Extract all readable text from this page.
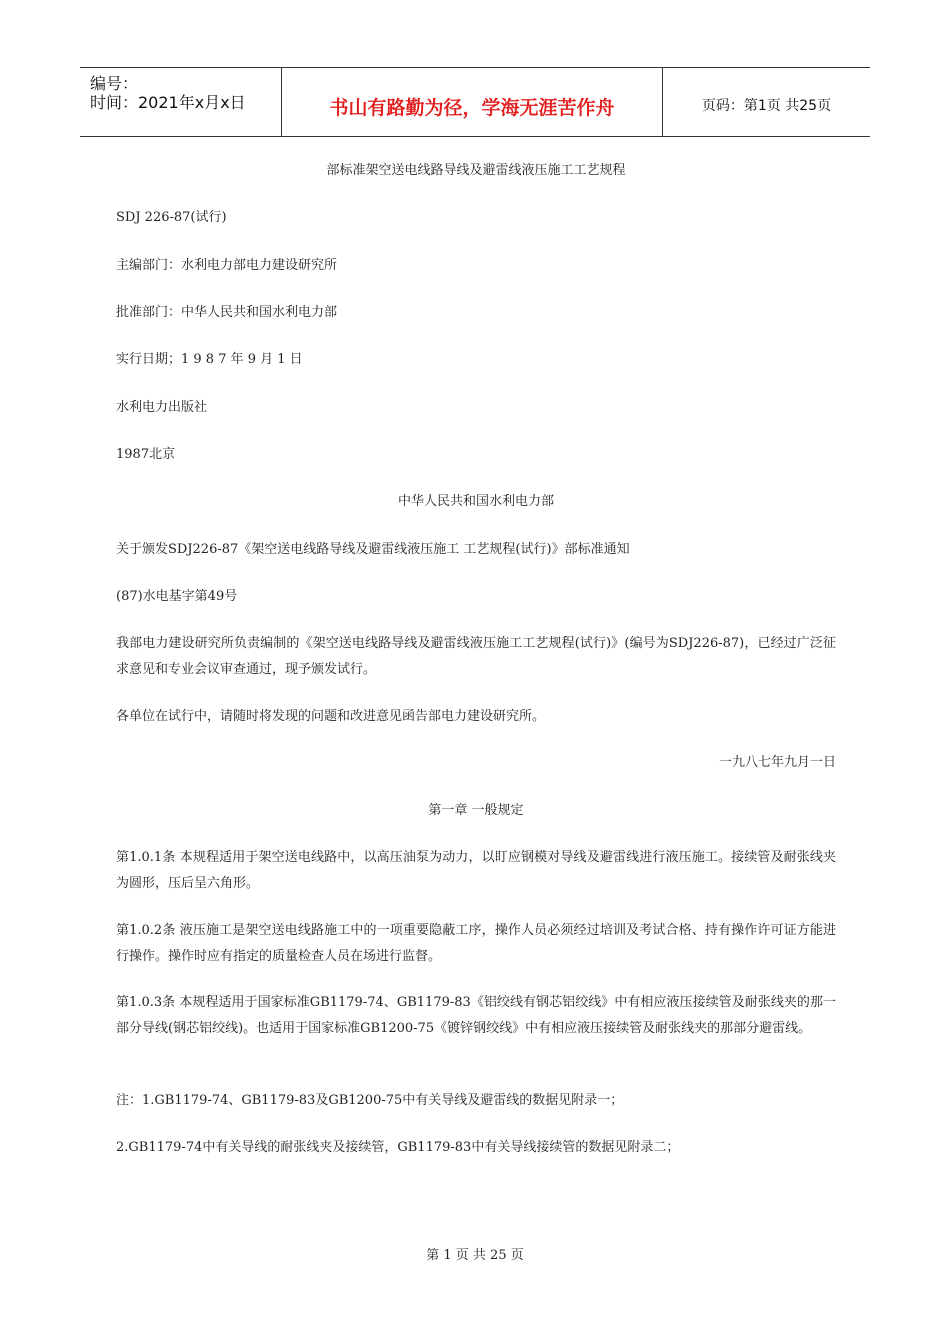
编号：
时间：2021年x月x日	书山有路勤为径，学海无涯苦作舟	页码：第1页 共25页
部标准架空送电线路导线及避雷线液压施工工艺规程
SDJ 226-87(试行)
主编部门：水利电力部电力建设研究所
批准部门：中华人民共和国水利电力部
实行日期；1 9 8 7 年 9 月 1 日
水利电力出版社
1987北京
中华人民共和国水利电力部
关于颁发SDJ226-87《架空送电线路导线及避雷线液压施工 工艺规程(试行)》部标准通知
(87)水电基字第49号
我部电力建设研究所负责编制的《架空送电线路导线及避雷线液压施工工艺规程(试行)》(编号为SDJ226-87)，已经过广泛征求意见和专业会议审查通过，现予颁发试行。
各单位在试行中，请随时将发现的问题和改进意见函告部电力建设研究所。
一九八七年九月一日
第一章 一般规定
第1.0.1条 本规程适用于架空送电线路中，以高压油泵为动力，以盯应钢模对导线及避雷线进行液压施工。接续管及耐张线夹为圆形，压后呈六角形。
第1.0.2条 液压施工是架空送电线路施工中的一项重要隐蔽工序，操作人员必须经过培训及考试合格、持有操作许可证方能进行操作。操作时应有指定的质量检查人员在场进行监督。
第1.0.3条 本规程适用于国家标准GB1179-74、GB1179-83《铝绞线有钢芯铝绞线》中有相应液压接续管及耐张线夹的那一部分导线(钢芯铝绞线)。也适用于国家标准GB1200-75《镀锌钢绞线》中有相应液压接续管及耐张线夹的那部分避雷线。
注：1.GB1179-74、GB1179-83及GB1200-75中有关导线及避雷线的数据见附录一；
2.GB1179-74中有关导线的耐张线夹及接续管，GB1179-83中有关导线接续管的数据见附录二；
第 1 页 共 25 页
